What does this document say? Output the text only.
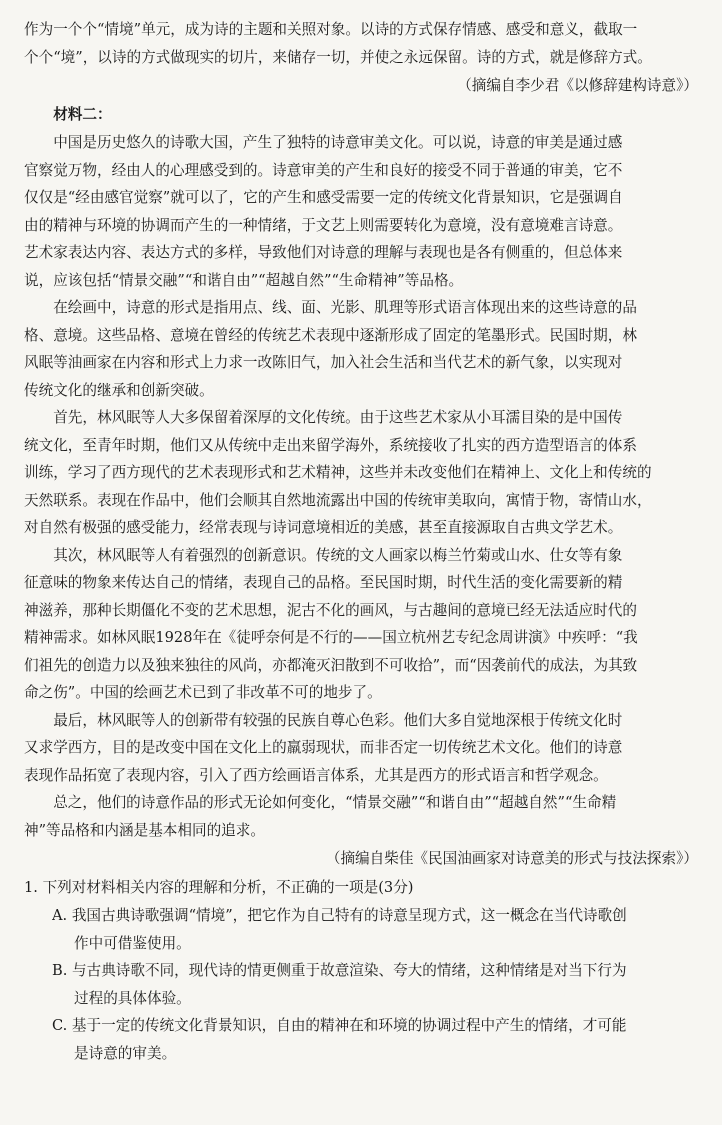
作为一个个“情境”单元，成为诗的主题和关照对象。以诗的方式保存情感、感受和意义，截取一
个个“境”，以诗的方式做现实的切片，来储存一切，并使之永远保留。诗的方式，就是修辞方式。
（摘编自李少君《以修辞建构诗意》）
材料二：
中国是历史悠久的诗歌大国，产生了独特的诗意审美文化。可以说，诗意的审美是通过感
官察觉万物，经由人的心理感受到的。诗意审美的产生和良好的接受不同于普通的审美，它不
仅仅是“经由感官觉察”就可以了，它的产生和感受需要一定的传统文化背景知识，它是强调自
由的精神与环境的协调而产生的一种情绪，于文艺上则需要转化为意境，没有意境难言诗意。
艺术家表达内容、表达方式的多样，导致他们对诗意的理解与表现也是各有侧重的，但总体来
说，应该包括“情景交融”“和谐自由”“超越自然”“生命精神”等品格。
在绘画中，诗意的形式是指用点、线、面、光影、肌理等形式语言体现出来的这些诗意的品
格、意境。这些品格、意境在曾经的传统艺术表现中逐渐形成了固定的笔墨形式。民国时期，林
风眠等油画家在内容和形式上力求一改陈旧气，加入社会生活和当代艺术的新气象，以实现对
传统文化的继承和创新突破。
首先，林风眠等人大多保留着深厚的文化传统。由于这些艺术家从小耳濡目染的是中国传
统文化，至青年时期，他们又从传统中走出来留学海外，系统接收了扎实的西方造型语言的体系
训练，学习了西方现代的艺术表现形式和艺术精神，这些并未改变他们在精神上、文化上和传统的
天然联系。表现在作品中，他们会顺其自然地流露出中国的传统审美取向，寓情于物，寄情山水，
对自然有极强的感受能力，经常表现与诗词意境相近的美感，甚至直接源取自古典文学艺术。
其次，林风眠等人有着强烈的创新意识。传统的文人画家以梅兰竹菊或山水、仕女等有象
征意味的物象来传达自己的情绪，表现自己的品格。至民国时期，时代生活的变化需要新的精
神滋养，那种长期僵化不变的艺术思想，泥古不化的画风，与古趣间的意境已经无法适应时代的
精神需求。如林风眠1928年在《徒呼奈何是不行的——国立杭州艺专纪念周讲演》中疾呼：“我
们祖先的创造力以及独来独往的风尚，亦都淹灭汩散到不可收拾”，而“因袭前代的成法，为其致
命之伤”。中国的绘画艺术已到了非改革不可的地步了。
最后，林风眠等人的创新带有较强的民族自尊心色彩。他们大多自觉地深根于传统文化时
又求学西方，目的是改变中国在文化上的羸弱现状，而非否定一切传统艺术文化。他们的诗意
表现作品拓宽了表现内容，引入了西方绘画语言体系，尤其是西方的形式语言和哲学观念。
总之，他们的诗意作品的形式无论如何变化，“情景交融”“和谐自由”“超越自然”“生命精
神”等品格和内涵是基本相同的追求。
（摘编自柴佳《民国油画家对诗意美的形式与技法探索》）
1. 下列对材料相关内容的理解和分析，不正确的一项是(3分)
A. 我国古典诗歌强调“情境”，把它作为自己特有的诗意呈现方式，这一概念在当代诗歌创
作中可借鉴使用。
B. 与古典诗歌不同，现代诗的情更侧重于故意渲染、夸大的情绪，这种情绪是对当下行为
过程的具体体验。
C. 基于一定的传统文化背景知识，自由的精神在和环境的协调过程中产生的情绪，才可能
是诗意的审美。
